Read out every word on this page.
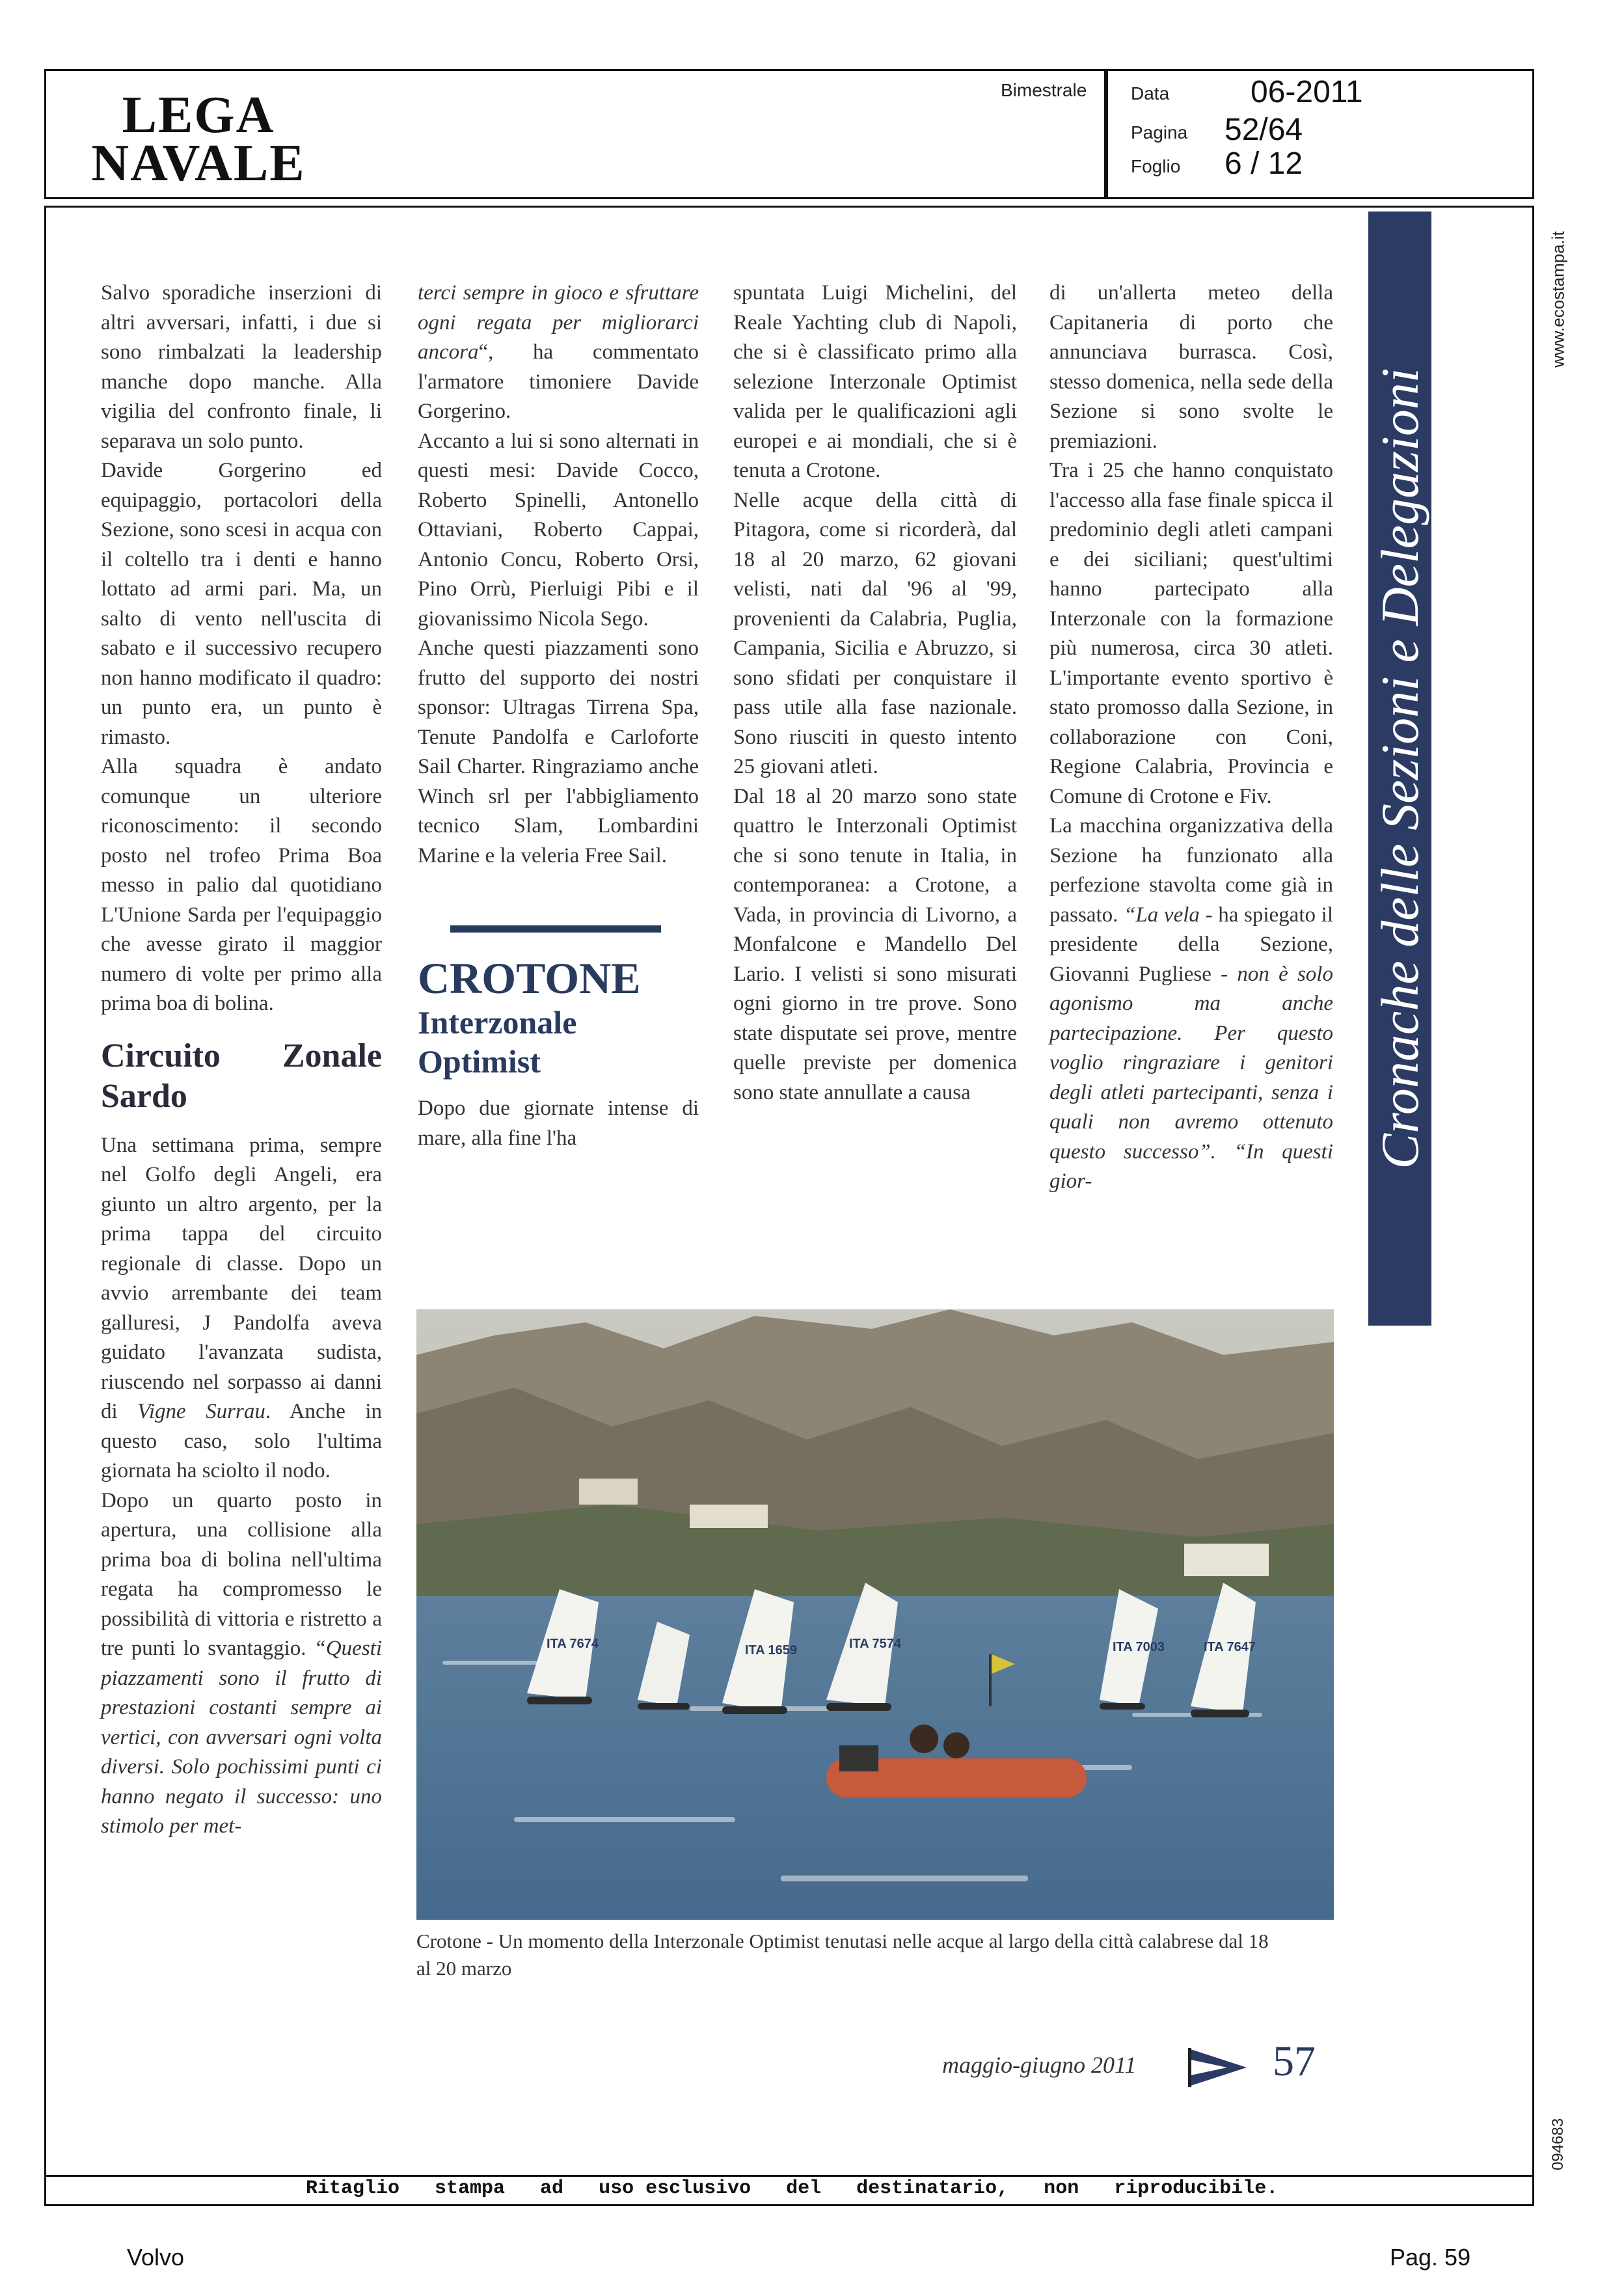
LEGA
NAVALE
Bimestrale Data	06-2011
Pagina 52/64
Foglio 6 / 12
Cronache delle Sezioni e Delegazioni
www.ecostampa.it
094683

Salvo sporadiche inserzioni di altri avversari, infatti, i due si sono rimbalzati la leadership manche dopo manche. Alla vigilia del confronto finale, li separava un solo punto.

Davide Gorgerino ed equipaggio, portacolori della Sezione, sono scesi in acqua con il coltello tra i denti e hanno lottato ad armi pari. Ma, un salto di vento nell'uscita di sabato e il successivo recupero non hanno modificato il quadro: un punto era, un punto è rimasto.

Alla squadra è andato comunque un ulteriore riconoscimento: il secondo posto nel trofeo Prima Boa messo in palio dal quotidiano L'Unione Sarda per l'equipaggio che avesse girato il maggior numero di volte per primo alla prima boa di bolina.

Circuito Zonale Sardo

Una settimana prima, sempre nel Golfo degli Angeli, era giunto un altro argento, per la prima tappa del circuito regionale di classe. Dopo un avvio arrembante dei team galluresi, J Pandolfa aveva guidato l'avanzata sudista, riuscendo nel sorpasso ai danni di Vigne Surrau. Anche in questo caso, solo l'ultima giornata ha sciolto il nodo.

Dopo un quarto posto in apertura, una collisione alla prima boa di bolina nell'ultima regata ha compromesso le possibilità di vittoria e ristretto a tre punti lo svantaggio. “Questi piazzamenti sono il frutto di prestazioni costanti sempre ai vertici, con avversari ogni volta diversi. Solo pochissimi punti ci hanno negato il successo: uno stimolo per met-

terci sempre in gioco e sfruttare ogni regata per migliorarci ancora“, ha commentato l'armatore timoniere Davide Gorgerino.

Accanto a lui si sono alternati in questi mesi: Davide Cocco, Roberto Spinelli, Antonello Ottaviani, Roberto Cappai, Antonio Concu, Roberto Orsi, Pino Orrù, Pierluigi Pibi e il giovanissimo Nicola Sego.

Anche questi piazzamenti sono frutto del supporto dei nostri sponsor: Ultragas Tirrena Spa, Tenute Pandolfa e Carloforte Sail Charter. Ringraziamo anche Winch srl per l'abbigliamento tecnico Slam, Lombardini Marine e la veleria Free Sail.

CROTONE
Interzonale Optimist

Dopo due giornate intense di mare, alla fine l'ha

spuntata Luigi Michelini, del Reale Yachting club di Napoli, che si è classificato primo alla selezione Interzonale Optimist valida per le qualificazioni agli europei e ai mondiali, che si è tenuta a Crotone.

Nelle acque della città di Pitagora, come si ricorderà, dal 18 al 20 marzo, 62 giovani velisti, nati dal '96 al '99, provenienti da Calabria, Puglia, Campania, Sicilia e Abruzzo, si sono sfidati per conquistare il pass utile alla fase nazionale. Sono riusciti in questo intento 25 giovani atleti.

Dal 18 al 20 marzo sono state quattro le Interzonali Optimist che si sono tenute in Italia, in contemporanea: a Crotone, a Vada, in provincia di Livorno, a Monfalcone e Mandello Del Lario. I velisti si sono misurati ogni giorno in tre prove. Sono state disputate sei prove, mentre quelle previste per domenica sono state annullate a causa

di un'allerta meteo della Capitaneria di porto che annunciava burrasca. Così, stesso domenica, nella sede della Sezione si sono svolte le premiazioni.

Tra i 25 che hanno conquistato l'accesso alla fase finale spicca il predominio degli atleti campani e dei siciliani; quest'ultimi hanno partecipato alla Interzonale con la formazione più numerosa, circa 30 atleti. L'importante evento sportivo è stato promosso dalla Sezione, in collaborazione con Coni, Regione Calabria, Provincia e Comune di Crotone e Fiv.

La macchina organizzativa della Sezione ha funzionato alla perfezione stavolta come già in passato. “La vela - ha spiegato il presidente della Sezione, Giovanni Pugliese - non è solo agonismo ma anche partecipazione. Per questo voglio ringraziare i genitori degli atleti partecipanti, senza i quali non avremo ottenuto questo successo”. “In questi gior-

ITA 7674	ITA 1659	ITA 7574	ITA 7003	ITA 7647
Crotone - Un momento della Interzonale Optimist tenutasi nelle acque al largo della città calabrese dal 18 al 20 marzo
maggio-giugno 2011	57
Ritaglio   stampa   ad   uso esclusivo   del   destinatario,   non   riproducibile.
Volvo	Pag. 59
